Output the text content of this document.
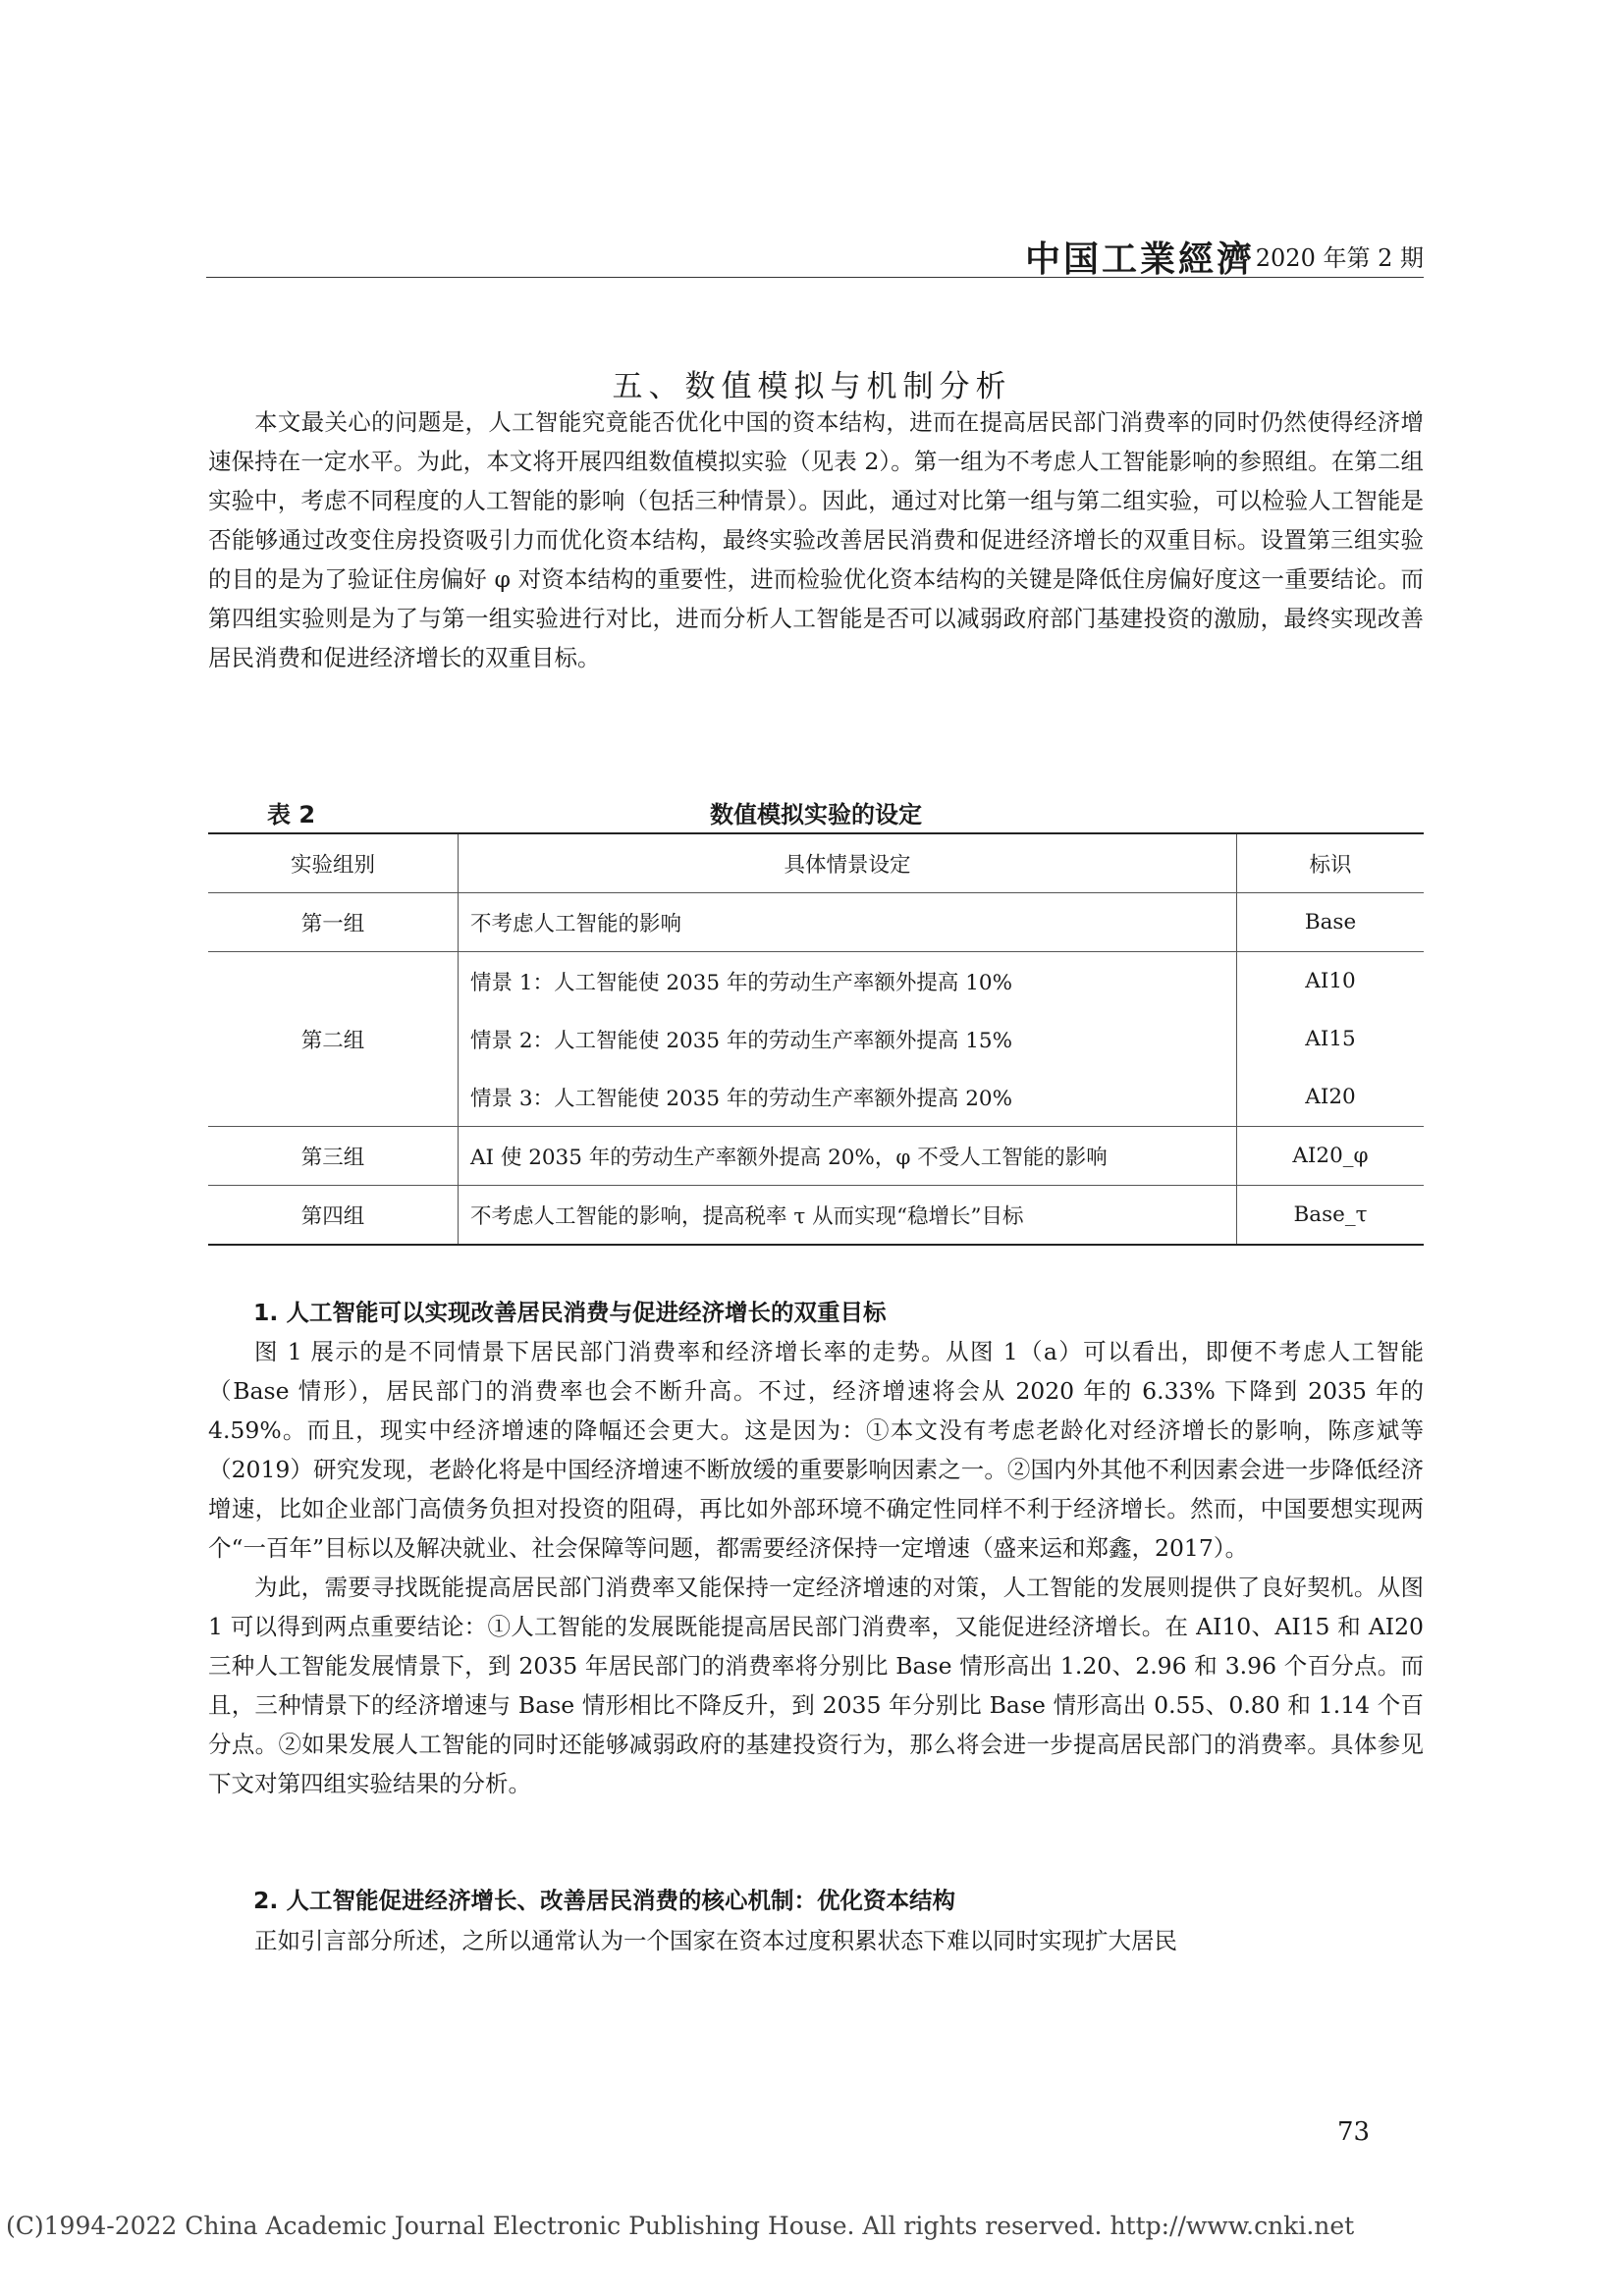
中国工業經濟 2020 年第 2 期
五、数值模拟与机制分析

本文最关心的问题是，人工智能究竟能否优化中国的资本结构，进而在提高居民部门消费率的同时仍然使得经济增速保持在一定水平。为此，本文将开展四组数值模拟实验（见表 2）。第一组为不考虑人工智能影响的参照组。在第二组实验中，考虑不同程度的人工智能的影响（包括三种情景）。因此，通过对比第一组与第二组实验，可以检验人工智能是否能够通过改变住房投资吸引力而优化资本结构，最终实验改善居民消费和促进经济增长的双重目标。设置第三组实验的目的是为了验证住房偏好 φ 对资本结构的重要性，进而检验优化资本结构的关键是降低住房偏好度这一重要结论。而第四组实验则是为了与第一组实验进行对比，进而分析人工智能是否可以减弱政府部门基建投资的激励，最终实现改善居民消费和促进经济增长的双重目标。

数值模拟实验的设定
表 2
实验组别	具体情景设定	标识
第一组	不考虑人工智能的影响	Base
	情景 1：人工智能使 2035 年的劳动生产率额外提高 10%	AI10
第二组	情景 2：人工智能使 2035 年的劳动生产率额外提高 15%	AI15
	情景 3：人工智能使 2035 年的劳动生产率额外提高 20%	AI20
第三组	AI 使 2035 年的劳动生产率额外提高 20%，φ 不受人工智能的影响	AI20_φ
第四组	不考虑人工智能的影响，提高税率 τ 从而实现“稳增长”目标	Base_τ
1. 人工智能可以实现改善居民消费与促进经济增长的双重目标

图 1 展示的是不同情景下居民部门消费率和经济增长率的走势。从图 1（a）可以看出，即便不考虑人工智能（Base 情形），居民部门的消费率也会不断升高。不过，经济增速将会从 2020 年的 6.33% 下降到 2035 年的 4.59%。而且，现实中经济增速的降幅还会更大。这是因为：①本文没有考虑老龄化对经济增长的影响，陈彦斌等（2019）研究发现，老龄化将是中国经济增速不断放缓的重要影响因素之一。②国内外其他不利因素会进一步降低经济增速，比如企业部门高债务负担对投资的阻碍，再比如外部环境不确定性同样不利于经济增长。然而，中国要想实现两个“一百年”目标以及解决就业、社会保障等问题，都需要经济保持一定增速（盛来运和郑鑫，2017）。

为此，需要寻找既能提高居民部门消费率又能保持一定经济增速的对策，人工智能的发展则提供了良好契机。从图 1 可以得到两点重要结论：①人工智能的发展既能提高居民部门消费率，又能促进经济增长。在 AI10、AI15 和 AI20 三种人工智能发展情景下，到 2035 年居民部门的消费率将分别比 Base 情形高出 1.20、2.96 和 3.96 个百分点。而且，三种情景下的经济增速与 Base 情形相比不降反升，到 2035 年分别比 Base 情形高出 0.55、0.80 和 1.14 个百分点。②如果发展人工智能的同时还能够减弱政府的基建投资行为，那么将会进一步提高居民部门的消费率。具体参见下文对第四组实验结果的分析。

2. 人工智能促进经济增长、改善居民消费的核心机制：优化资本结构

正如引言部分所述，之所以通常认为一个国家在资本过度积累状态下难以同时实现扩大居民

73
(C)1994-2022 China Academic Journal Electronic Publishing House. All rights reserved. http://www.cnki.net
